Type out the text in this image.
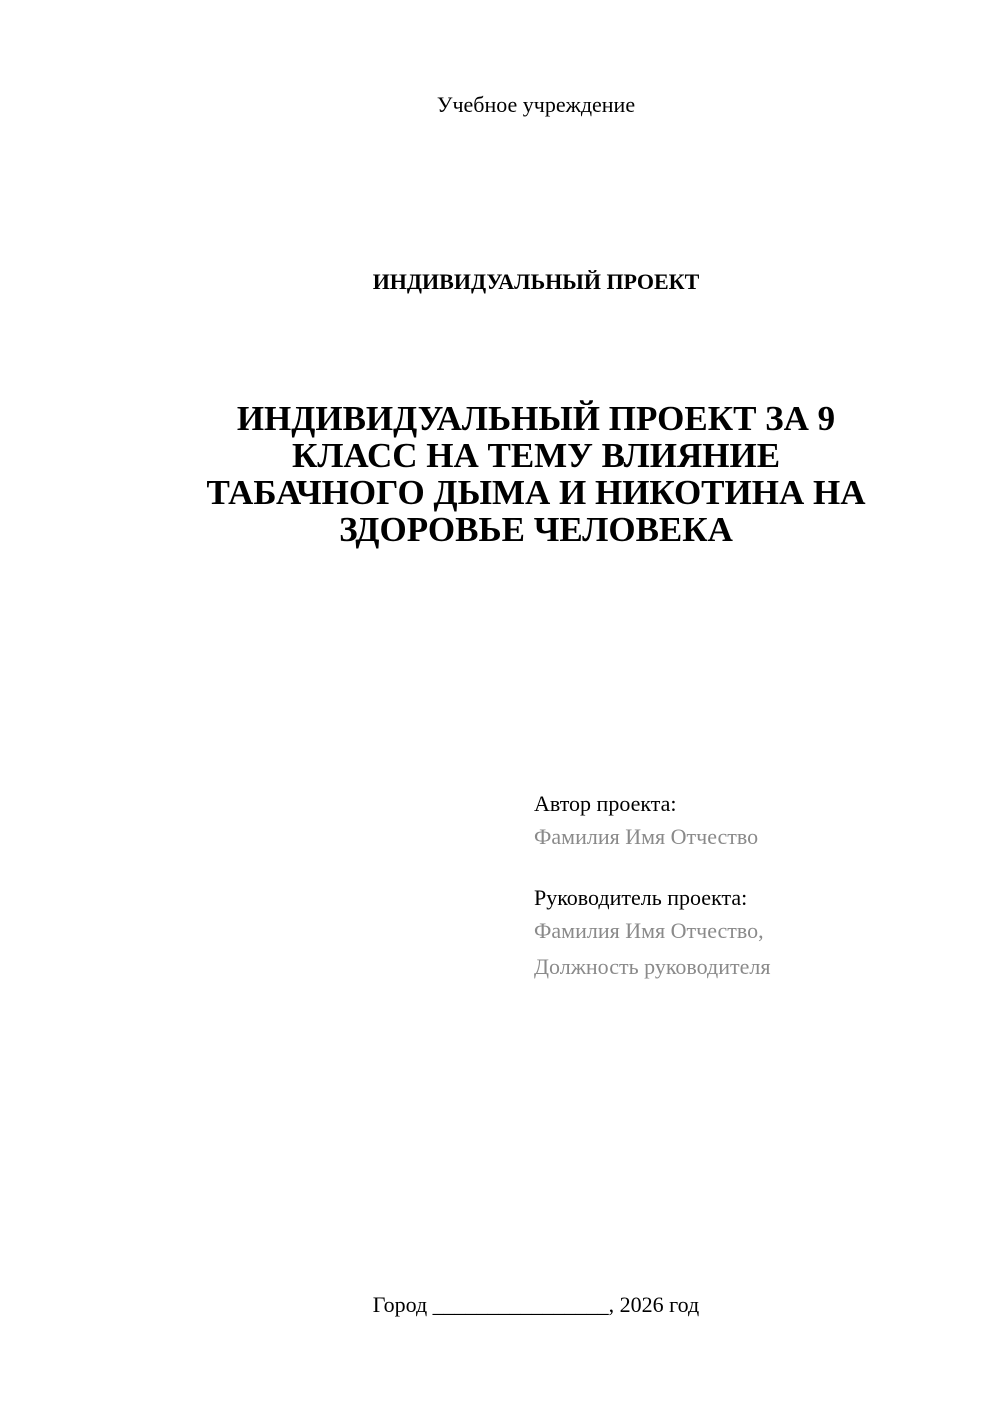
Учебное учреждение
ИНДИВИДУАЛЬНЫЙ ПРОЕКТ
ИНДИВИДУАЛЬНЫЙ ПРОЕКТ ЗА 9
КЛАСС НА ТЕМУ ВЛИЯНИЕ
ТАБАЧНОГО ДЫМА И НИКОТИНА НА
ЗДОРОВЬЕ ЧЕЛОВЕКА
Автор проекта:
Фамилия Имя Отчество
Руководитель проекта:
Фамилия Имя Отчество,
Должность руководителя
Город ________________, 2026 год
